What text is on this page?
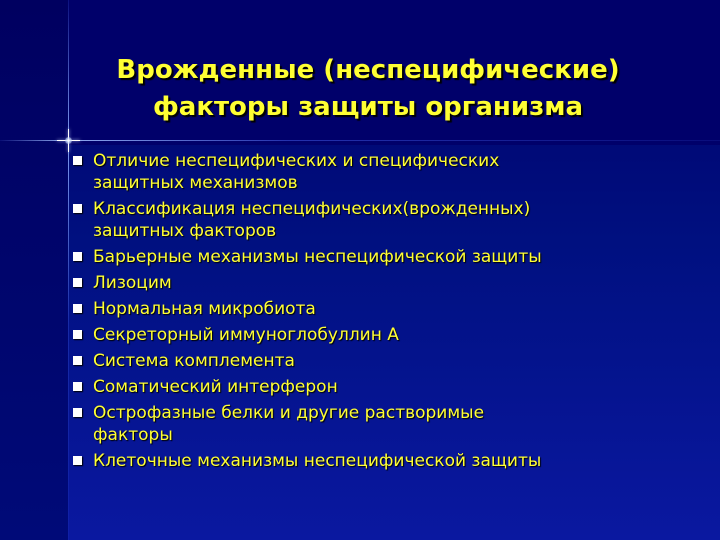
Врожденные (неспецифические)
факторы защиты организма
Отличие неспецифических и специфических
защитных механизмов
Классификация неспецифических(врожденных)
защитных факторов
Барьерные механизмы неспецифической защиты
Лизоцим
Нормальная микробиота
Секреторный иммуноглобуллин А
Система комплемента
Соматический интерферон
Острофазные белки и другие растворимые
факторы
Клеточные механизмы неспецифической защиты
